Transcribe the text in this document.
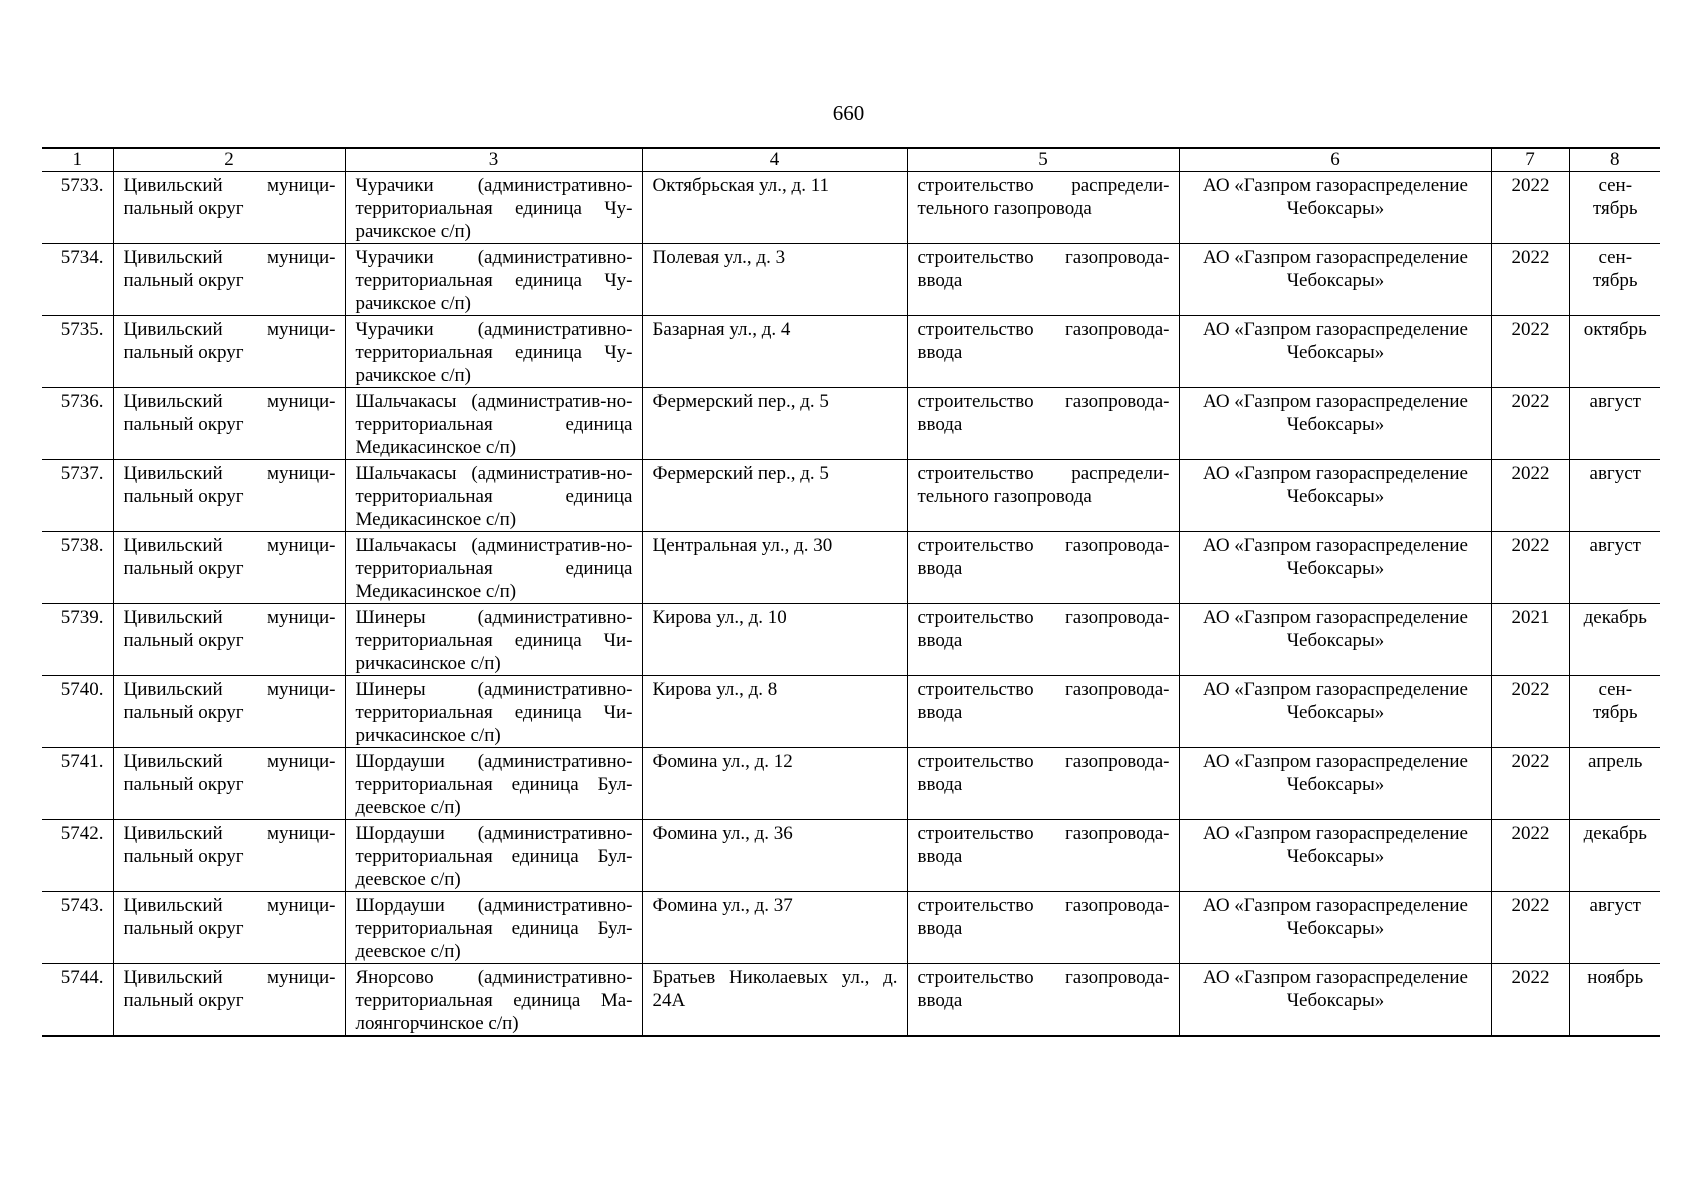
660
1	2	3	4	5	6	7	8
5733.	Цивильский муници-пальный округ	Чурачики (административно-территориальная единица Чу-рачикское с/п)	Октябрьская ул., д. 11	строительство распредели-тельного газопровода	АО «Газпром газораспределение Чебоксары»	2022	сен-тябрь
5734.	Цивильский муници-пальный округ	Чурачики (административно-территориальная единица Чу-рачикское с/п)	Полевая ул., д. 3	строительство газопровода-ввода	АО «Газпром газораспределение Чебоксары»	2022	сен-тябрь
5735.	Цивильский муници-пальный округ	Чурачики (административно-территориальная единица Чу-рачикское с/п)	Базарная ул., д. 4	строительство газопровода-ввода	АО «Газпром газораспределение Чебоксары»	2022	октябрь
5736.	Цивильский муници-пальный округ	Шальчакасы (административ-но-территориальная единица Медикасинское с/п)	Фермерский пер., д. 5	строительство газопровода-ввода	АО «Газпром газораспределение Чебоксары»	2022	август
5737.	Цивильский муници-пальный округ	Шальчакасы (административ-но-территориальная единица Медикасинское с/п)	Фермерский пер., д. 5	строительство распредели-тельного газопровода	АО «Газпром газораспределение Чебоксары»	2022	август
5738.	Цивильский муници-пальный округ	Шальчакасы (административ-но-территориальная единица Медикасинское с/п)	Центральная ул., д. 30	строительство газопровода-ввода	АО «Газпром газораспределение Чебоксары»	2022	август
5739.	Цивильский муници-пальный округ	Шинеры (административно-территориальная единица Чи-ричкасинское с/п)	Кирова ул., д. 10	строительство газопровода-ввода	АО «Газпром газораспределение Чебоксары»	2021	декабрь
5740.	Цивильский муници-пальный округ	Шинеры (административно-территориальная единица Чи-ричкасинское с/п)	Кирова ул., д. 8	строительство газопровода-ввода	АО «Газпром газораспределение Чебоксары»	2022	сен-тябрь
5741.	Цивильский муници-пальный округ	Шордауши (административно-территориальная единица Бул-деевское с/п)	Фомина ул., д. 12	строительство газопровода-ввода	АО «Газпром газораспределение Чебоксары»	2022	апрель
5742.	Цивильский муници-пальный округ	Шордауши (административно-территориальная единица Бул-деевское с/п)	Фомина ул., д. 36	строительство газопровода-ввода	АО «Газпром газораспределение Чебоксары»	2022	декабрь
5743.	Цивильский муници-пальный округ	Шордауши (административно-территориальная единица Бул-деевское с/п)	Фомина ул., д. 37	строительство газопровода-ввода	АО «Газпром газораспределение Чебоксары»	2022	август
5744.	Цивильский муници-пальный округ	Янорсово (административно-территориальная единица Ма-лоянгорчинское с/п)	Братьев Николаевых ул., д. 24А	строительство газопровода-ввода	АО «Газпром газораспределение Чебоксары»	2022	ноябрь
